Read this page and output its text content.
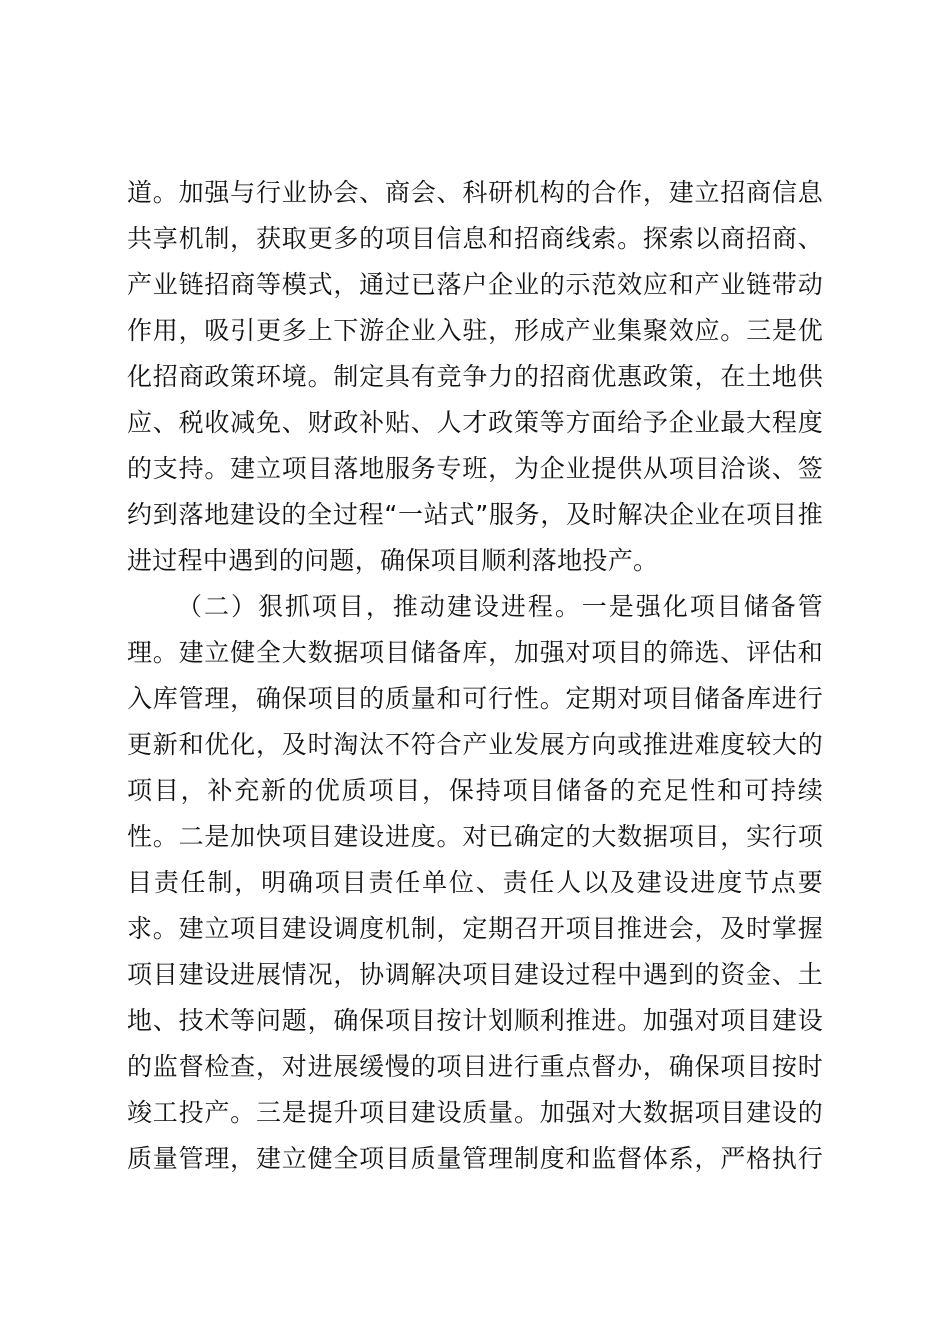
道。加强与行业协会、商会、科研机构的合作，建立招商信息
共享机制，获取更多的项目信息和招商线索。探索以商招商、
产业链招商等模式，通过已落户企业的示范效应和产业链带动
作用，吸引更多上下游企业入驻，形成产业集聚效应。三是优
化招商政策环境。制定具有竞争力的招商优惠政策，在土地供
应、税收减免、财政补贴、人才政策等方面给予企业最大程度
的支持。建立项目落地服务专班，为企业提供从项目洽谈、签
约到落地建设的全过程“一站式”服务，及时解决企业在项目推
进过程中遇到的问题，确保项目顺利落地投产。
（二）狠抓项目，推动建设进程。一是强化项目储备管
理。建立健全大数据项目储备库，加强对项目的筛选、评估和
入库管理，确保项目的质量和可行性。定期对项目储备库进行
更新和优化，及时淘汰不符合产业发展方向或推进难度较大的
项目，补充新的优质项目，保持项目储备的充足性和可持续
性。二是加快项目建设进度。对已确定的大数据项目，实行项
目责任制，明确项目责任单位、责任人以及建设进度节点要
求。建立项目建设调度机制，定期召开项目推进会，及时掌握
项目建设进展情况，协调解决项目建设过程中遇到的资金、土
地、技术等问题，确保项目按计划顺利推进。加强对项目建设
的监督检查，对进展缓慢的项目进行重点督办，确保项目按时
竣工投产。三是提升项目建设质量。加强对大数据项目建设的
质量管理，建立健全项目质量管理制度和监督体系，严格执行
